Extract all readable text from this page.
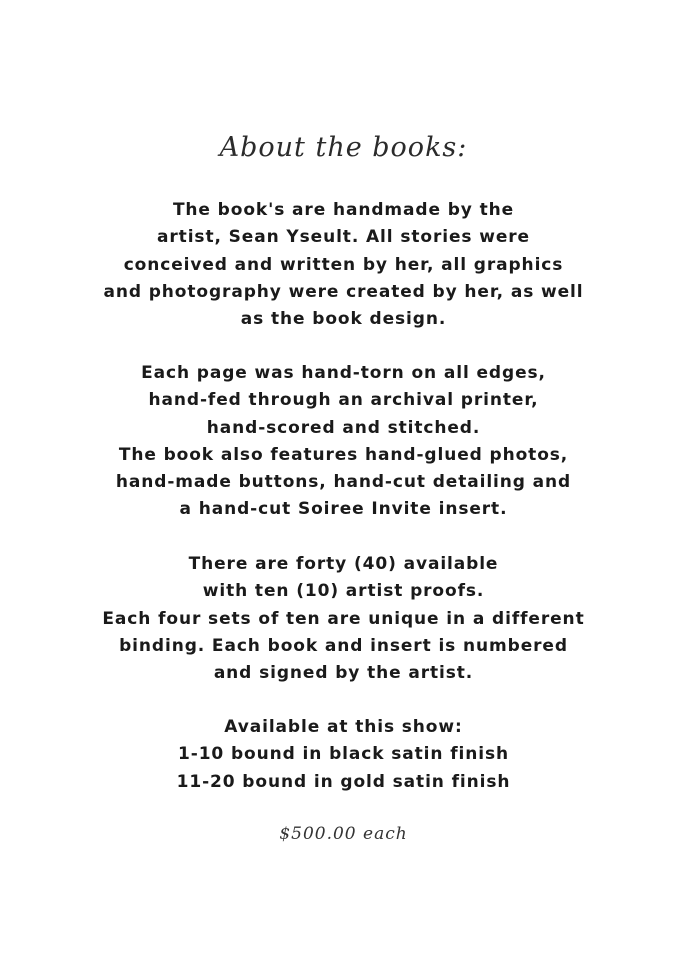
About the books:
The book's are handmade by the
artist, Sean Yseult. All stories were
conceived and written by her, all graphics
and photography were created by her, as well
as the book design.
Each page was hand-torn on all edges,
hand-fed through an archival printer,
hand-scored and stitched.
The book also features hand-glued photos,
hand-made buttons, hand-cut detailing and
a hand-cut Soiree Invite insert.
There are forty (40) available
with ten (10) artist proofs.
Each four sets of ten are unique in a different
binding. Each book and insert is numbered
and signed by the artist.
Available at this show:
1-10 bound in black satin finish
11-20 bound in gold satin finish
$500.00 each
